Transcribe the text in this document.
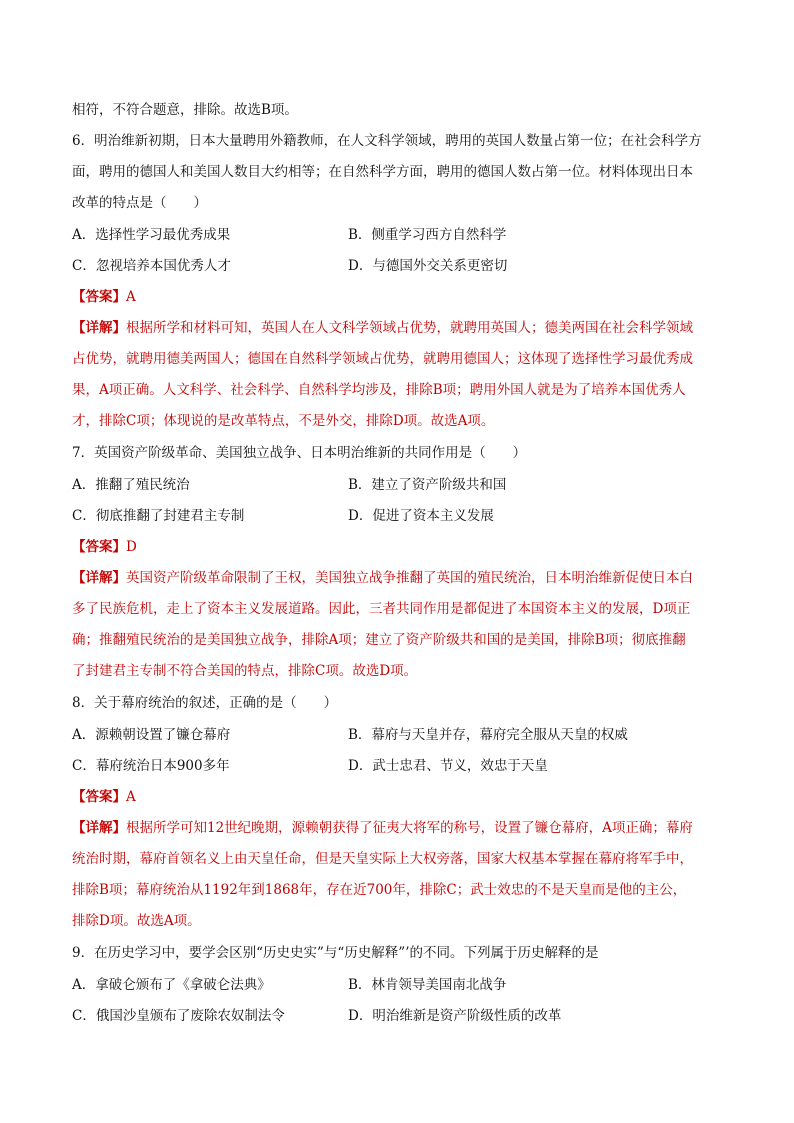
相符，不符合题意，排除。故选B项。
6．明治维新初期，日本大量聘用外籍教师，在人文科学领域，聘用的英国人数量占第一位；在社会科学方
面，聘用的德国人和美国人数目大约相等；在自然科学方面，聘用的德国人数占第一位。材料体现出日本
改革的特点是（　　）
A．选择性学习最优秀成果	B．侧重学习西方自然科学
C．忽视培养本国优秀人才	D．与德国外交关系更密切
【答案】A
【详解】根据所学和材料可知，英国人在人文科学领域占优势，就聘用英国人；德美两国在社会科学领域
占优势，就聘用德美两国人；德国在自然科学领域占优势，就聘用德国人；这体现了选择性学习最优秀成
果，A项正确。人文科学、社会科学、自然科学均涉及，排除B项；聘用外国人就是为了培养本国优秀人
才，排除C项；体现说的是改革特点，不是外交，排除D项。故选A项。
7．英国资产阶级革命、美国独立战争、日本明治维新的共同作用是（　　）
A．推翻了殖民统治	B．建立了资产阶级共和国
C．彻底推翻了封建君主专制	D．促进了资本主义发展
【答案】D
【详解】英国资产阶级革命限制了王权，美国独立战争推翻了英国的殖民统治，日本明治维新促使日本白
多了民族危机，走上了资本主义发展道路。因此，三者共同作用是都促进了本国资本主义的发展，D项正
确；推翻殖民统治的是美国独立战争，排除A项；建立了资产阶级共和国的是美国，排除B项；彻底推翻
了封建君主专制不符合美国的特点，排除C项。故选D项。
8．关于幕府统治的叙述，正确的是（　　）
A．源赖朝设置了镰仓幕府	B．幕府与天皇并存，幕府完全服从天皇的权威
C．幕府统治日本900多年	D．武士忠君、节义，效忠于天皇
【答案】A
【详解】根据所学可知12世纪晚期，源赖朝获得了征夷大将军的称号，设置了镰仓幕府，A项正确；幕府
统治时期，幕府首领名义上由天皇任命，但是天皇实际上大权旁落，国家大权基本掌握在幕府将军手中，
排除B项；幕府统治从1192年到1868年，存在近700年，排除C；武士效忠的不是天皇而是他的主公，
排除D项。故选A项。
9．在历史学习中，要学会区别“历史史实”与“历史解释”’的不同。下列属于历史解释的是
A．拿破仑颁布了《拿破仑法典》	B．林肯领导美国南北战争
C．俄国沙皇颁布了废除农奴制法令	D．明治维新是资产阶级性质的改革
